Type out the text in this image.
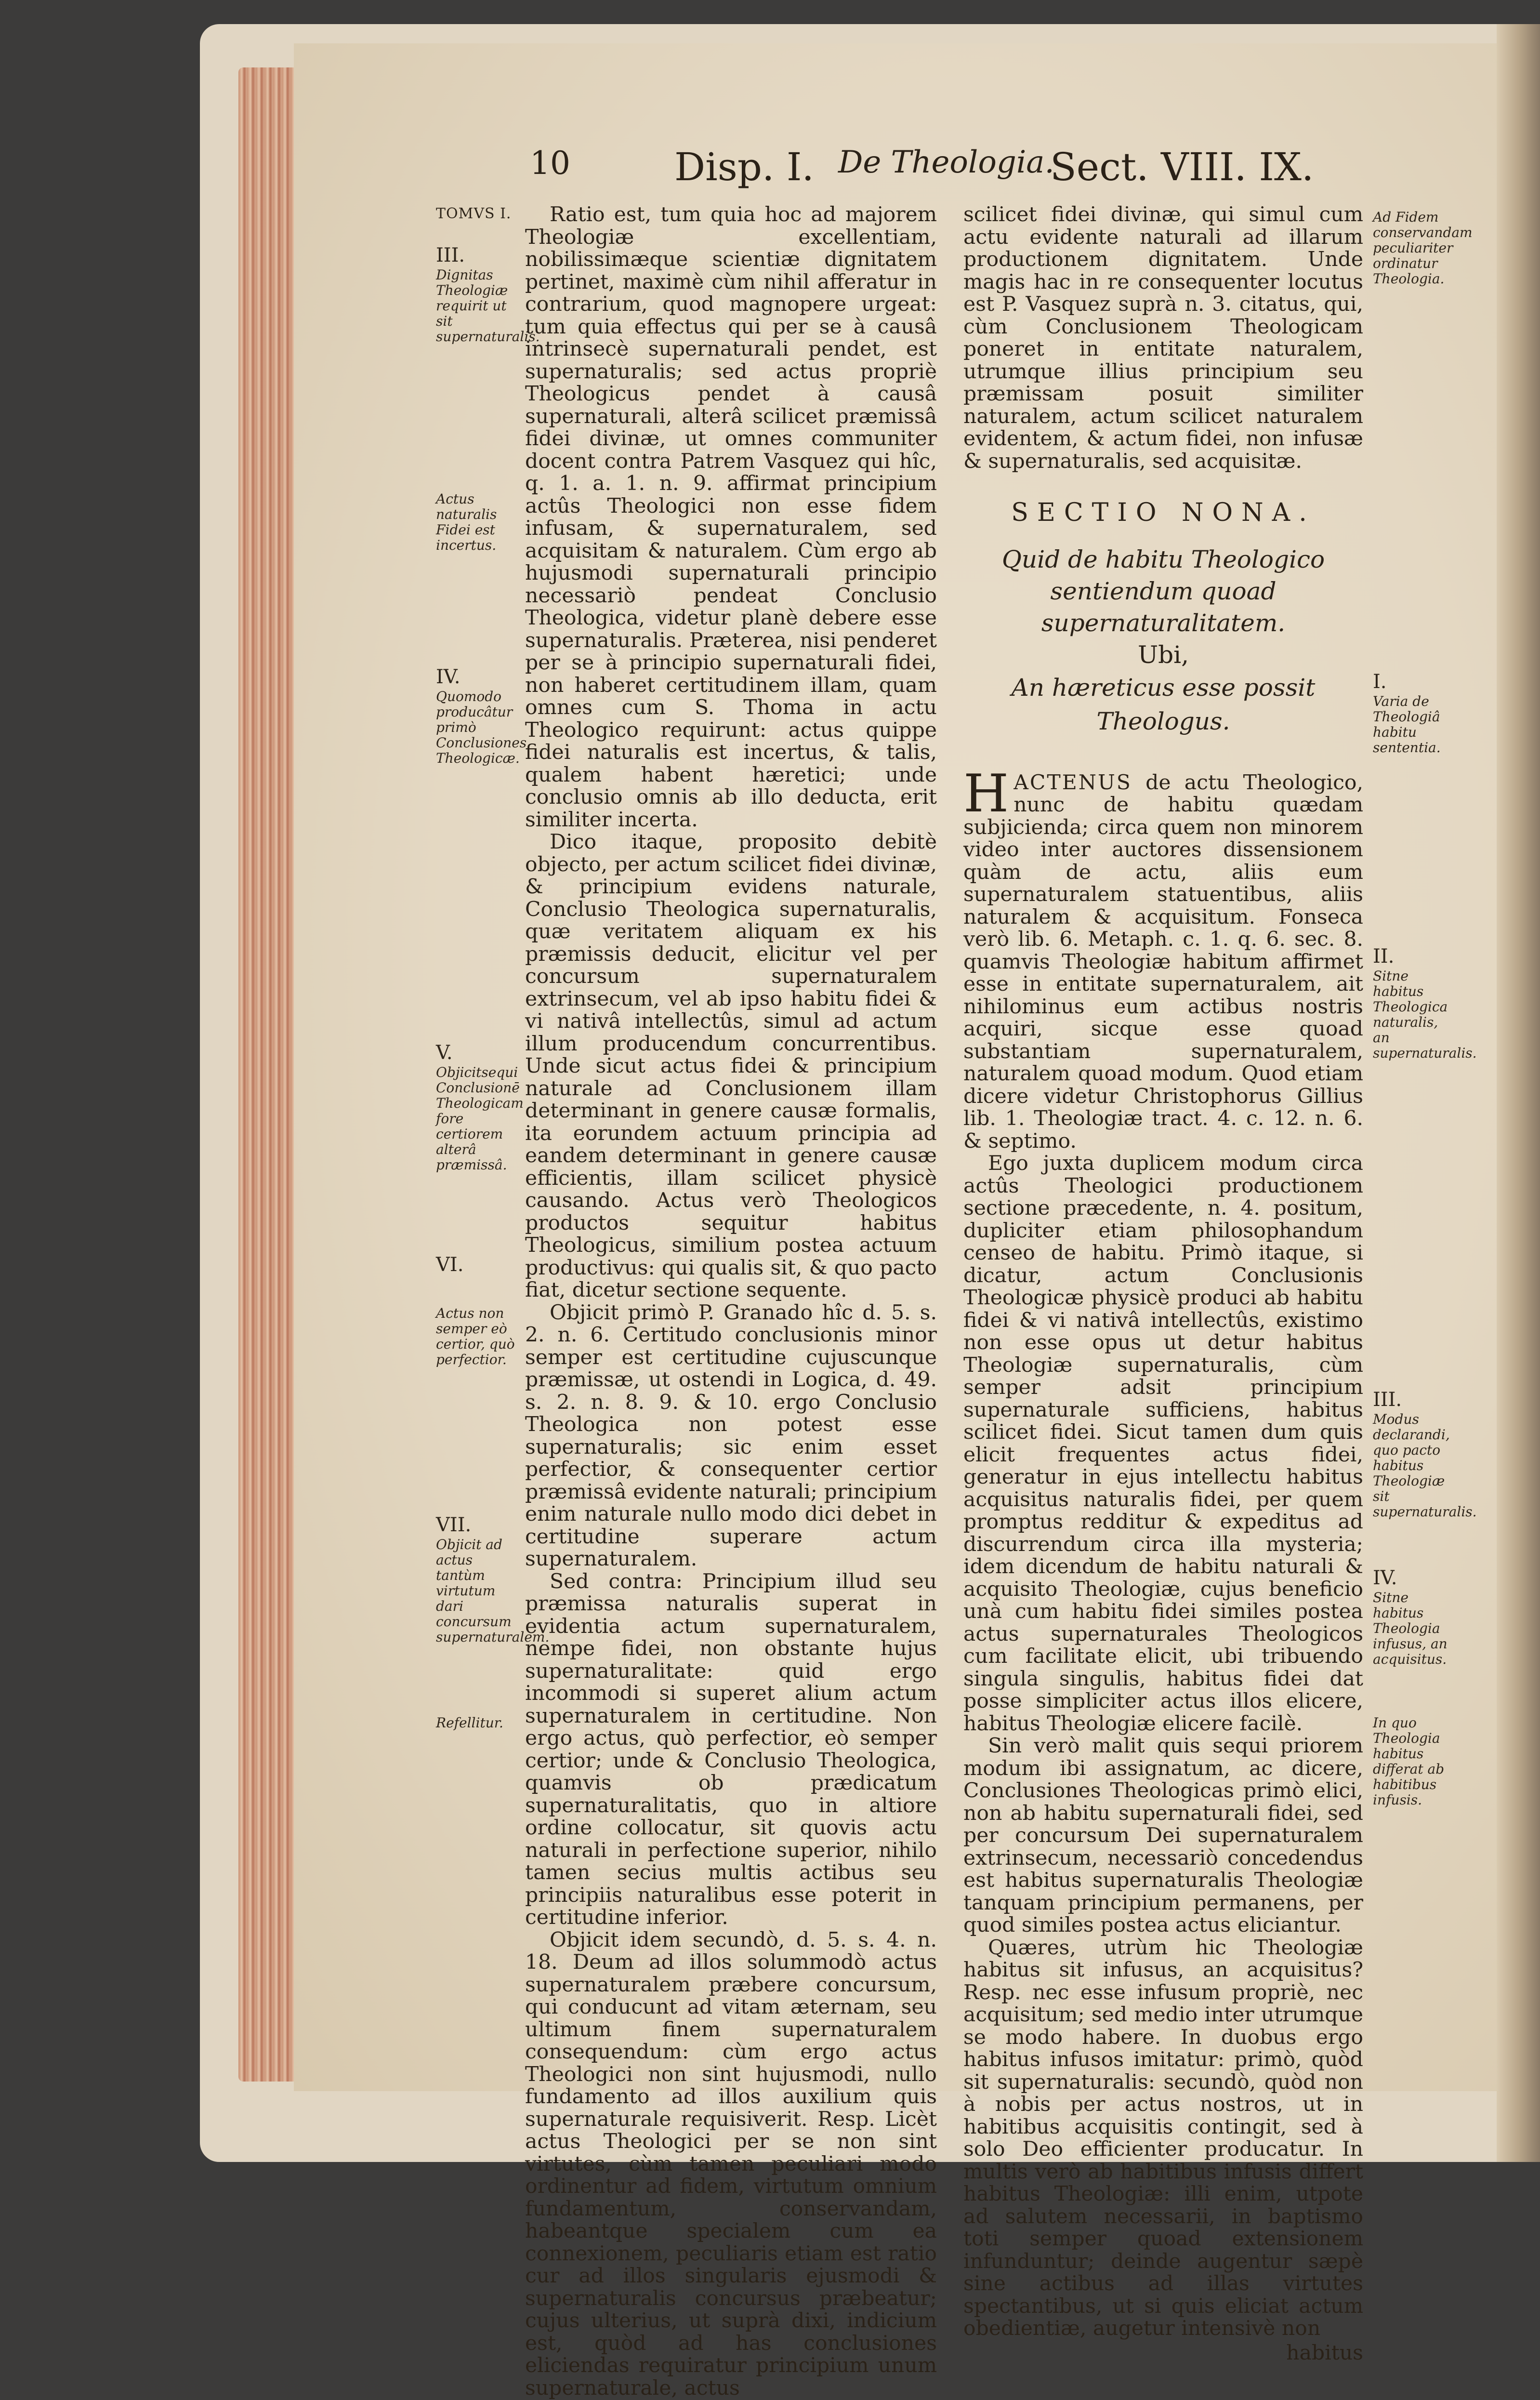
10	Disp. I. De Theologia.
Sect. VIII. IX.
TOMVS I.
III.
Dignitas Theologiæ requirit ut sit supernaturalis.
Actus naturalis Fidei est incertus.
IV.
Quomodo producâtur primò Conclusiones Theologicæ.
V.
Objicitsequi Conclusionē Theologicam fore certiorem alterâ præmissâ.
VI.
Actus non semper eò certior, quò perfectior.
VII.
Objicit ad actus tantùm virtutum dari concursum supernaturalem.
Refellitur.
Ad Fidem conservandam peculiariter ordinatur Theologia.
I.
Varia de Theologiâ habitu sententia.
II.
Sitne habitus Theologica naturalis, an supernaturalis.
III.
Modus declarandi, quo pacto habitus Theologiæ sit supernaturalis.
IV.
Sitne habitus Theologia infusus, an acquisitus.
In quo Theologia habitus differat ab habitibus infusis.

Ratio est, tum quia hoc ad majorem Theologiæ excellentiam, nobilissimæque scientiæ dignitatem pertinet, maximè cùm nihil afferatur in contrarium, quod magnopere urgeat: tum quia effectus qui per se à causâ intrinsecè supernaturali pendet, est supernaturalis; sed actus propriè Theologicus pendet à causâ supernaturali, alterâ scilicet præmissâ fidei divinæ, ut omnes communiter docent contra Patrem Vasquez qui hîc, q. 1. a. 1. n. 9. affirmat principium actûs Theologici non esse fidem infusam, & supernaturalem, sed acquisitam & naturalem. Cùm ergo ab hujusmodi supernaturali principio necessariò pendeat Conclusio Theologica, videtur planè debere esse supernaturalis. Præterea, nisi penderet per se à principio supernaturali fidei, non haberet certitudinem illam, quam omnes cum S. Thoma in actu Theologico requirunt: actus quippe fidei naturalis est incertus, & talis, qualem habent hæretici; unde conclusio omnis ab illo deducta, erit similiter incerta.

Dico itaque, proposito debitè objecto, per actum scilicet fidei divinæ, & principium evidens naturale, Conclusio Theologica supernaturalis, quæ veritatem aliquam ex his præmissis deducit, elicitur vel per concursum supernaturalem extrinsecum, vel ab ipso habitu fidei & vi nativâ intellectûs, simul ad actum illum producendum concurrentibus. Unde sicut actus fidei & principium naturale ad Conclusionem illam determinant in genere causæ formalis, ita eorundem actuum principia ad eandem determinant in genere causæ efficientis, illam scilicet physicè causando. Actus verò Theologicos productos sequitur habitus Theologicus, similium postea actuum productivus: qui qualis sit, & quo pacto fiat, dicetur sectione sequente.

Objicit primò P. Granado hîc d. 5. s. 2. n. 6. Certitudo conclusionis minor semper est certitudine cujuscunque præmissæ, ut ostendi in Logica, d. 49. s. 2. n. 8. 9. & 10. ergo Conclusio Theologica non potest esse supernaturalis; sic enim esset perfectior, & consequenter certior præmissâ evidente naturali; principium enim naturale nullo modo dici debet in certitudine superare actum supernaturalem.

Sed contra: Principium illud seu præmissa naturalis superat in evidentia actum supernaturalem, nempe fidei, non obstante hujus supernaturalitate: quid ergo incommodi si superet alium actum supernaturalem in certitudine. Non ergo actus, quò perfectior, eò semper certior; unde & Conclusio Theologica, quamvis ob prædicatum supernaturalitatis, quo in altiore ordine collocatur, sit quovis actu naturali in perfectione superior, nihilo tamen secius multis actibus seu principiis naturalibus esse poterit in certitudine inferior.

Objicit idem secundò, d. 5. s. 4. n. 18. Deum ad illos solummodò actus supernaturalem præbere concursum, qui conducunt ad vitam æternam, seu ultimum finem supernaturalem consequendum: cùm ergo actus Theologici non sint hujusmodi, nullo fundamento ad illos auxilium quis supernaturale requisiverit. Resp. Licèt actus Theologici per se non sint virtutes, cùm tamen peculiari modo ordinentur ad fidem, virtutum omnium fundamentum, conservandam, habeantque specialem cum ea connexionem, peculiaris etiam est ratio cur ad illos singularis ejusmodi & supernaturalis concursus præbeatur; cujus ulterius, ut suprà dixi, indicium est, quòd ad has conclusiones eliciendas requiratur principium unum supernaturale, actus

scilicet fidei divinæ, qui simul cum actu evidente naturali ad illarum productionem dignitatem. Unde magis hac in re consequenter locutus est P. Vasquez suprà n. 3. citatus, qui, cùm Conclusionem Theologicam poneret in entitate naturalem, utrumque illius principium seu præmissam posuit similiter naturalem, actum scilicet naturalem evidentem, & actum fidei, non infusæ & supernaturalis, sed acquisitæ.

SECTIO NONA.
Quid de habitu Theologico sentiendum quoad supernaturalitatem.
Ubi,
An hæreticus esse possit Theologus.

HACTENUS de actu Theologico, nunc de habitu quædam subjicienda; circa quem non minorem video inter auctores dissensionem quàm de actu, aliis eum supernaturalem statuentibus, aliis naturalem & acquisitum. Fonseca verò lib. 6. Metaph. c. 1. q. 6. sec. 8. quamvis Theologiæ habitum affirmet esse in entitate supernaturalem, ait nihilominus eum actibus nostris acquiri, sicque esse quoad substantiam supernaturalem, naturalem quoad modum. Quod etiam dicere videtur Christophorus Gillius lib. 1. Theologiæ tract. 4. c. 12. n. 6. & septimo.

Ego juxta duplicem modum circa actûs Theologici productionem sectione præcedente, n. 4. positum, dupliciter etiam philosophandum censeo de habitu. Primò itaque, si dicatur, actum Conclusionis Theologicæ physicè produci ab habitu fidei & vi nativâ intellectûs, existimo non esse opus ut detur habitus Theologiæ supernaturalis, cùm semper adsit principium supernaturale sufficiens, habitus scilicet fidei. Sicut tamen dum quis elicit frequentes actus fidei, generatur in ejus intellectu habitus acquisitus naturalis fidei, per quem promptus redditur & expeditus ad discurrendum circa illa mysteria; idem dicendum de habitu naturali & acquisito Theologiæ, cujus beneficio unà cum habitu fidei similes postea actus supernaturales Theologicos cum facilitate elicit, ubi tribuendo singula singulis, habitus fidei dat posse simpliciter actus illos elicere, habitus Theologiæ elicere facilè.

Sin verò malit quis sequi priorem modum ibi assignatum, ac dicere, Conclusiones Theologicas primò elici, non ab habitu supernaturali fidei, sed per concursum Dei supernaturalem extrinsecum, necessariò concedendus est habitus supernaturalis Theologiæ tanquam principium permanens, per quod similes postea actus eliciantur.

Quæres, utrùm hic Theologiæ habitus sit infusus, an acquisitus? Resp. nec esse infusum propriè, nec acquisitum; sed medio inter utrumque se modo habere. In duobus ergo habitus infusos imitatur: primò, quòd sit supernaturalis: secundò, quòd non à nobis per actus nostros, ut in habitibus acquisitis contingit, sed à solo Deo efficienter producatur. In multis verò ab habitibus infusis differt habitus Theologiæ: illi enim, utpote ad salutem necessarii, in baptismo toti semper quoad extensionem infunduntur; deinde augentur sæpè sine actibus ad illas virtutes spectantibus, ut si quis eliciat actum obedientiæ, augetur intensivè non

habitus
